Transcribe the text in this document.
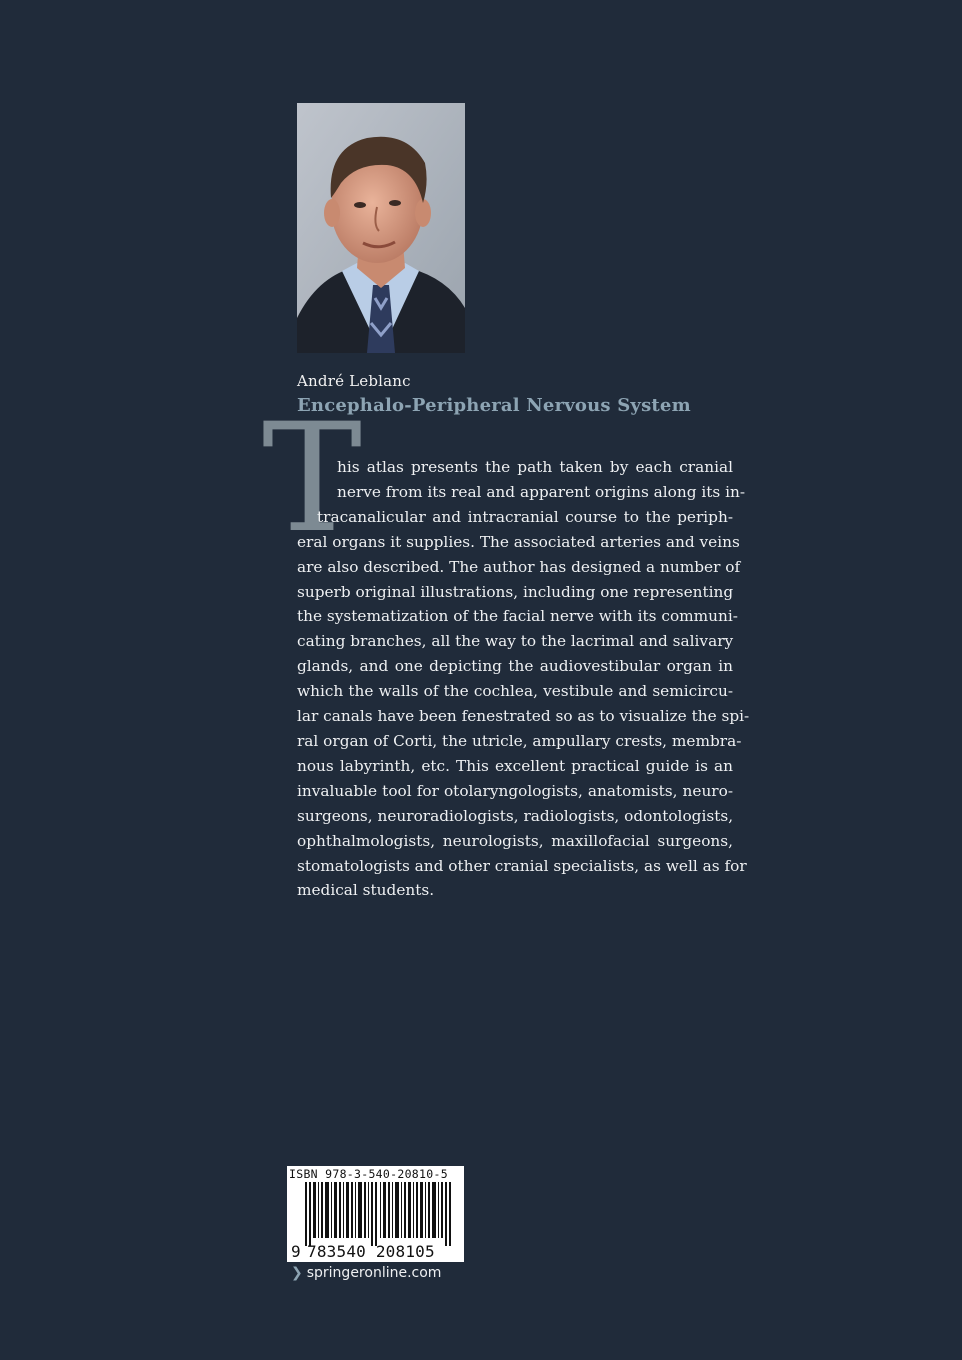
André Leblanc
Encephalo-Peripheral Nervous System
T
his atlas presents the path taken by each cranial
nerve from its real and apparent origins along its in-
tracanalicular and intracranial course to the periph-
eral organs it supplies. The associated arteries and veins
are also described. The author has designed a number of
superb original illustrations, including one representing
the systematization of the facial nerve with its communi-
cating branches, all the way to the lacrimal and salivary
glands, and one depicting the audiovestibular organ in
which the walls of the cochlea, vestibule and semicircu-
lar canals have been fenestrated so as to visualize the spi-
ral organ of Corti, the utricle, ampullary crests, membra-
nous labyrinth, etc. This excellent practical guide is an
invaluable tool for otolaryngologists, anatomists, neuro-
surgeons, neuroradiologists, radiologists, odontologists,
ophthalmologists, neurologists, maxillofacial surgeons,
stomatologists and other cranial specialists, as well as for
medical students.
ISBN 978-3-540-20810-5
9 783540 208105
❯ springeronline.com
